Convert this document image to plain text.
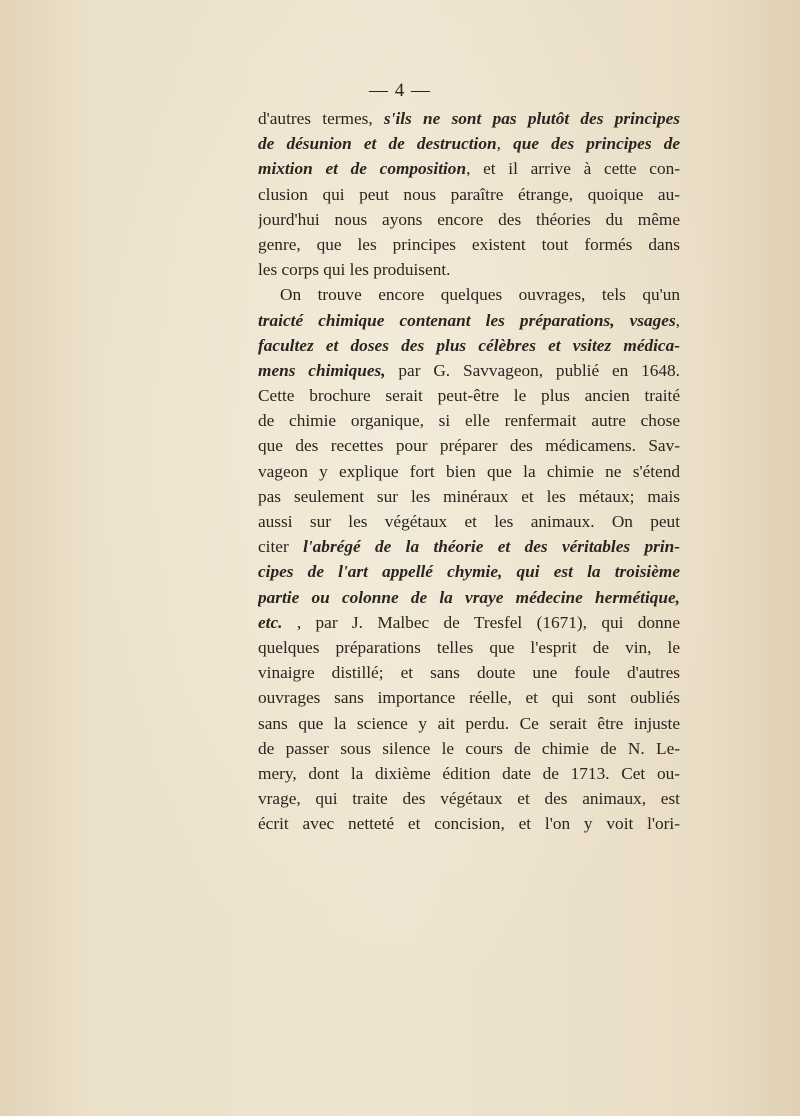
— 4 —
d'autres termes, s'ils ne sont pas plutôt des principes
de désunion et de destruction, que des principes de
mixtion et de composition, et il arrive à cette con-
clusion qui peut nous paraître étrange, quoique au-
jourd'hui nous ayons encore des théories du même
genre, que les principes existent tout formés dans
les corps qui les produisent.
On trouve encore quelques ouvrages, tels qu'un
traicté chimique contenant les préparations, vsages,
facultez et doses des plus célèbres et vsitez médica-
mens chimiques, par G. Savvageon, publié en 1648.
Cette brochure serait peut-être le plus ancien traité
de chimie organique, si elle renfermait autre chose
que des recettes pour préparer des médicamens. Sav-
vageon y explique fort bien que la chimie ne s'étend
pas seulement sur les minéraux et les métaux; mais
aussi sur les végétaux et les animaux. On peut
citer l'abrégé de la théorie et des véritables prin-
cipes de l'art appellé chymie, qui est la troisième
partie ou colonne de la vraye médecine hermétique,
etc. , par J. Malbec de Tresfel (1671), qui donne
quelques préparations telles que l'esprit de vin, le
vinaigre distillé; et sans doute une foule d'autres
ouvrages sans importance réelle, et qui sont oubliés
sans que la science y ait perdu. Ce serait être injuste
de passer sous silence le cours de chimie de N. Le-
mery, dont la dixième édition date de 1713. Cet ou-
vrage, qui traite des végétaux et des animaux, est
écrit avec netteté et concision, et l'on y voit l'ori-
